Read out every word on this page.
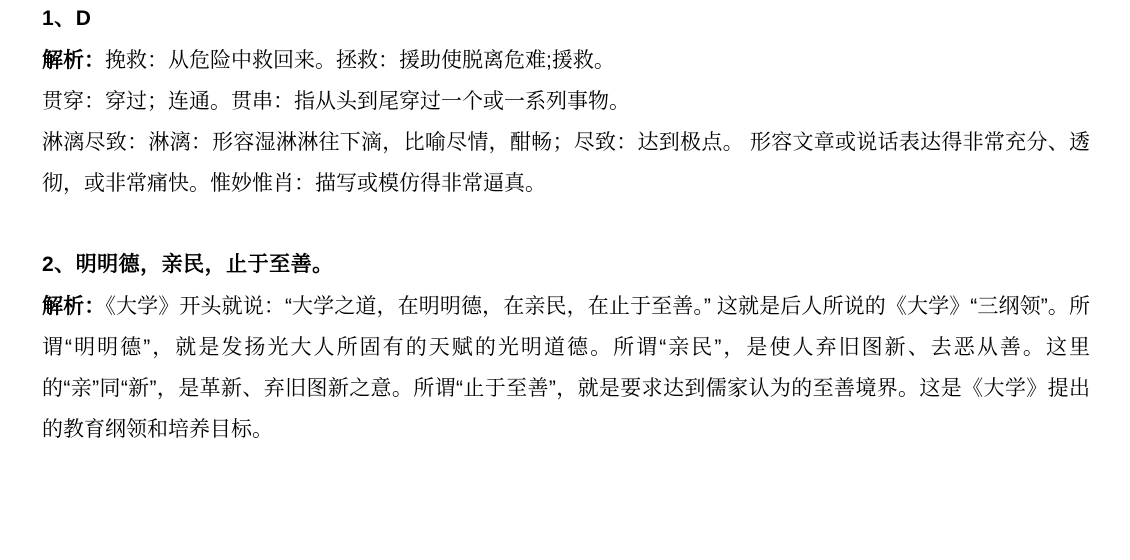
1、D

解析：挽救：从危险中救回来。拯救：援助使脱离危难;援救。

贯穿：穿过；连通。贯串：指从头到尾穿过一个或一系列事物。

淋漓尽致：淋漓：形容湿淋淋往下滴，比喻尽情，酣畅；尽致：达到极点。 形容文章或说话表达得非常充分、透彻，或非常痛快。惟妙惟肖：描写或模仿得非常逼真。

2、明明德，亲民，止于至善。

解析：《大学》开头就说：“大学之道，在明明德，在亲民，在止于至善。” 这就是后人所说的《大学》“三纲领”。所谓“明明德”，就是发扬光大人所固有的天赋的光明道德。所谓“亲民”，是使人弃旧图新、去恶从善。这里的“亲”同“新”，是革新、弃旧图新之意。所谓“止于至善”，就是要求达到儒家认为的至善境界。这是《大学》提出的教育纲领和培养目标。
